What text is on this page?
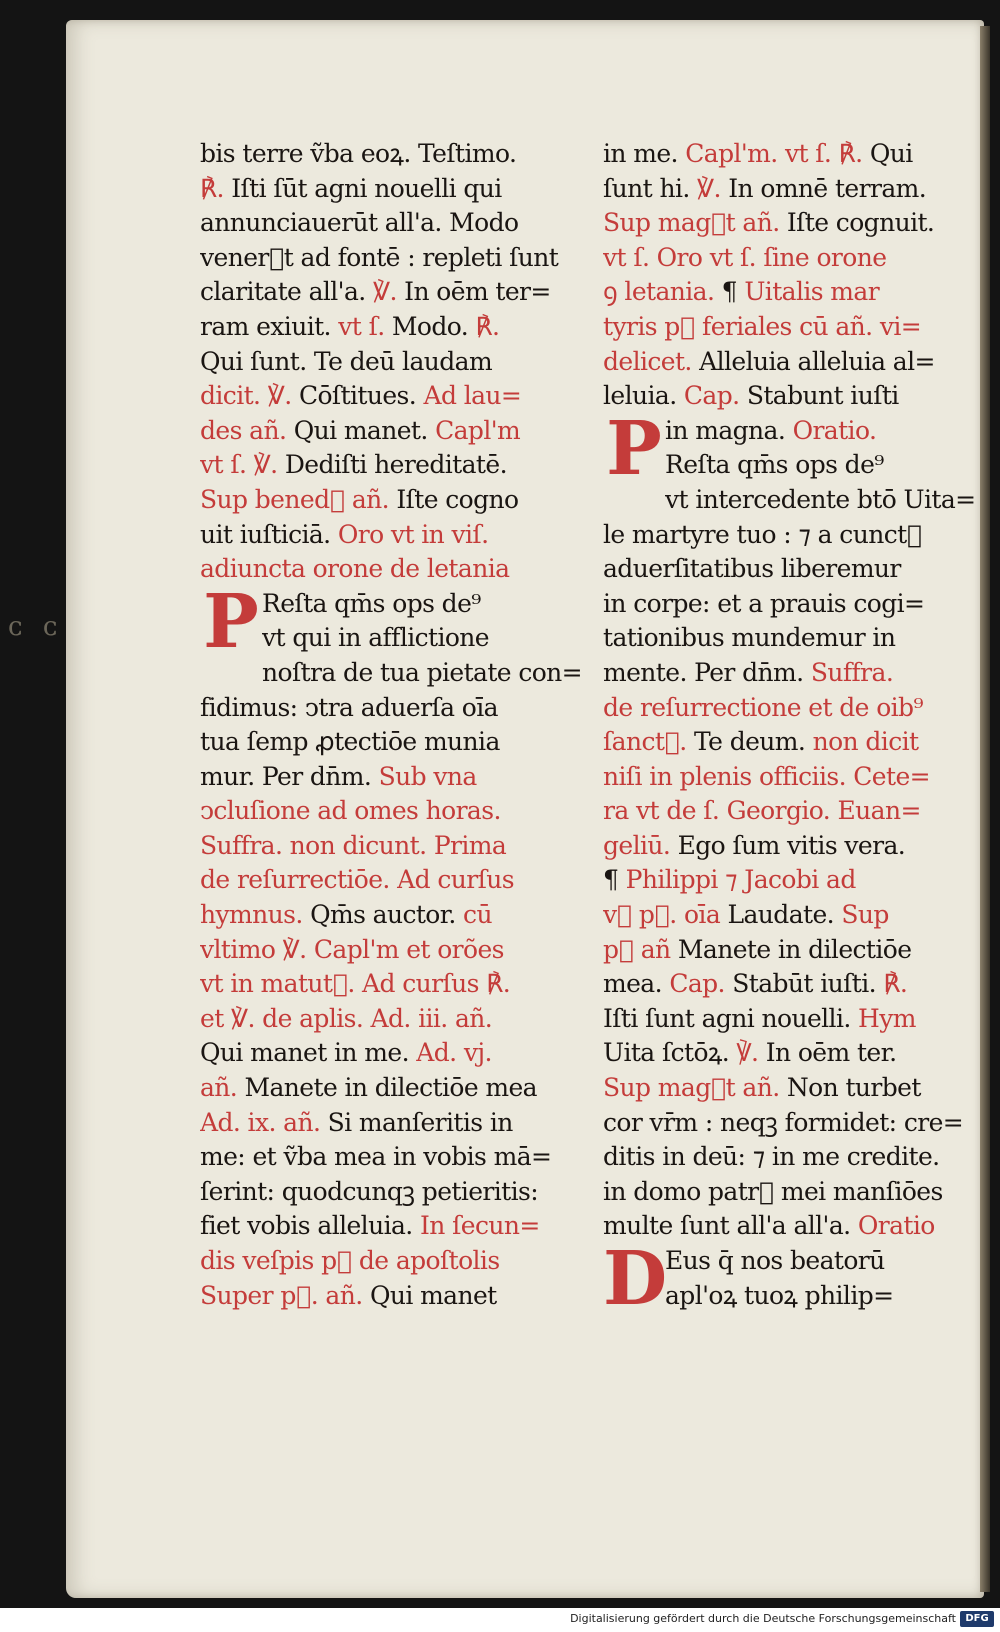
ᴄ ᴄ
bis terre ṽba eoꝝ. Teſtimo.
℟. Iſti ſūt agni nouelli qui
annunciauerūt all'a. Modo
venerᷓt ad fontē : repleti ſunt
claritate all'a. ℣. In oēm ter=
ram exiuit. vt ſ. Modo. ℟.
Qui ſunt. Te deū laudam
dicit. ℣. Cōſtitues. Ad lau=
des añ. Qui manet. Capl'm
vt ſ. ℣. Dediſti hereditatē.
Sup benedᷓ añ. Iſte cogno
uit iuſticiā. Oro vt in viſ.
adiuncta orone de letania
P Reſta qm̄s ops de⁹
vt qui in afflictione
noſtra de tua pietate con=
fidimus: ↄtra aduerſa oīa
tua ſemp ꝓtectiōe munia
mur. Per dn̄m. Sub vna
ↄcluſione ad omes horas.
Suffra. non dicunt. Prima
de reſurrectiōe. Ad curſus
hymnus. Qm̄s auctor. cū
vltimo ℣. Capl'm et orões
vt in matutᷓ. Ad curſus ℟.
et ℣. de aplis. Ad. iii. añ.
Qui manet in me. Ad. vj.
añ. Manete in dilectiōe mea
Ad. ix. añ. Si manſeritis in
me: et ṽba mea in vobis mā=
ſerint: quodcunqꝫ petieritis:
fiet vobis alleluia. In ſecun=
dis veſpis pᷓ de apoſtolis
Super pᷓ. añ. Qui manet
in me. Capl'm. vt ſ. ℟. Qui
ſunt hi. ℣. In omnē terram.
Sup magᷓt añ. Iſte cognuit.
vt ſ. Oro vt ſ. ſine orone
ꝯ letania. ¶ Uitalis mar
tyris pᷓ feriales cū añ. vi=
delicet. Alleluia alleluia al=
leluia. Cap. Stabunt iuſti
P in magna. Oratio.
Reſta qm̄s ops de⁹
vt intercedente btō Uita=
le martyre tuo : ⁊ a cunctᷓ
aduerſitatibus liberemur
in corpe: et a prauis cogi=
tationibus mundemur in
mente. Per dn̄m. Suffra.
de reſurrectione et de oib⁹
ſanctᷓ. Te deum. non dicit
niſi in plenis officiis. Cete=
ra vt de ſ. Georgio. Euan=
geliū. Ego ſum vitis vera.
¶ Philippi ⁊ Jacobi ad
vᷓ pᷓ. oīa Laudate. Sup
pᷓ añ Manete in dilectiōe
mea. Cap. Stabūt iuſti. ℟.
Iſti ſunt agni nouelli. Hym
Uita ſctōꝝ. ℣. In oēm ter.
Sup magᷓt añ. Non turbet
cor vr̄m : neqꝫ formidet: cre=
ditis in deū: ⁊ in me credite.
in domo patrᷓ mei manſiōes
multe ſunt all'a all'a. Oratio
D
Eus q̄ nos beatorū
apl'oꝝ tuoꝝ philip=
Digitalisierung gefördert durch die Deutsche Forschungsgemeinschaft DFG
